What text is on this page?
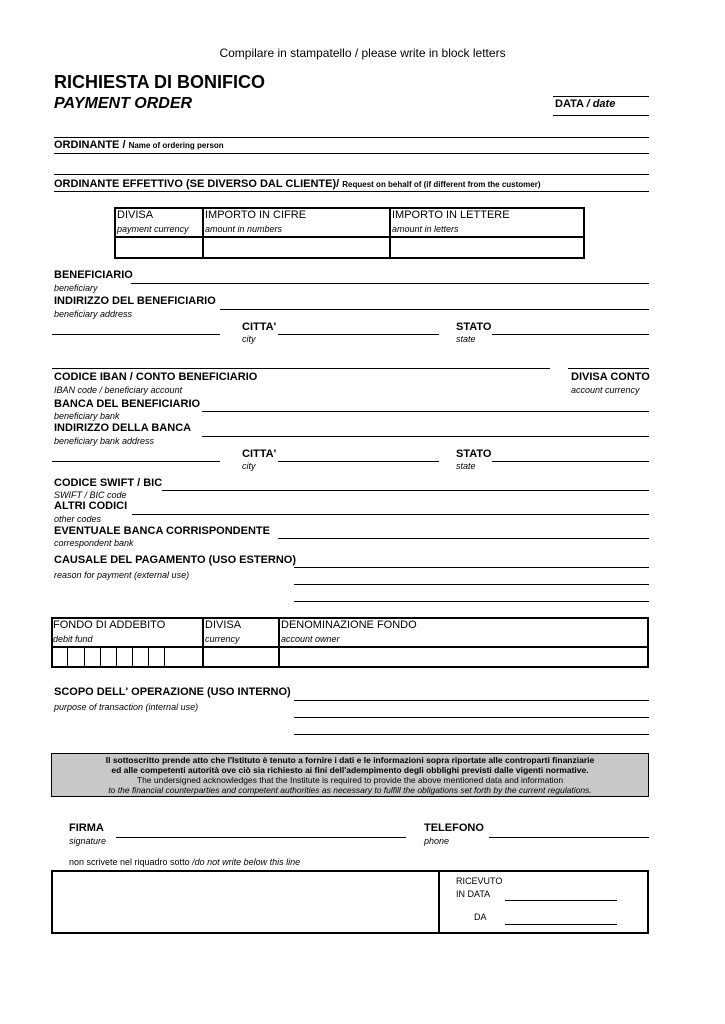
Compilare in stampatello / please write in block letters
RICHIESTA DI BONIFICO
PAYMENT ORDER	DATA / date
ORDINANTE / Name of ordering person
ORDINANTE EFFETTIVO (SE DIVERSO DAL CLIENTE)/ Request on behalf of (if different from the customer)
DIVISA
payment currency
IMPORTO IN CIFRE
amount in numbers
IMPORTO IN LETTERE
amount in letters
BENEFICIARIO
beneficiary
INDIRIZZO DEL BENEFICIARIO
beneficiary address
CITTA'
city
STATO
state
CODICE IBAN / CONTO BENEFICIARIO
IBAN code / beneficiary account
DIVISA CONTO
account currency
BANCA DEL BENEFICIARIO
beneficiary bank
INDIRIZZO DELLA BANCA
beneficiary bank address
CITTA'
city
STATO
state
CODICE SWIFT / BIC
SWIFT / BIC code
ALTRI CODICI
other codes
EVENTUALE BANCA CORRISPONDENTE
correspondent bank
CAUSALE DEL PAGAMENTO (USO ESTERNO)
reason for payment (external use)
FONDO DI ADDEBITO
debit fund
DIVISA
currency
DENOMINAZIONE FONDO
account owner
SCOPO DELL' OPERAZIONE (USO INTERNO)
purpose of transaction (internal use)
Il sottoscritto prende atto che l'Istituto è tenuto a fornire i dati e le informazioni sopra riportate alle controparti finanziarie
ed alle competenti autorità ove ciò sia richiesto ai fini dell'adempimento degli obblighi previsti dalle vigenti normative.
The undersigned acknowledges that the Institute is required to provide the above mentioned data and information
to the financial counterparties and competent authorities as necessary to fulfill the obligations set forth by the current regulations.
FIRMA
signature
TELEFONO
phone
non scrivete nel riquadro sotto /do not write below this line
RICEVUTO
IN DATA
DA
